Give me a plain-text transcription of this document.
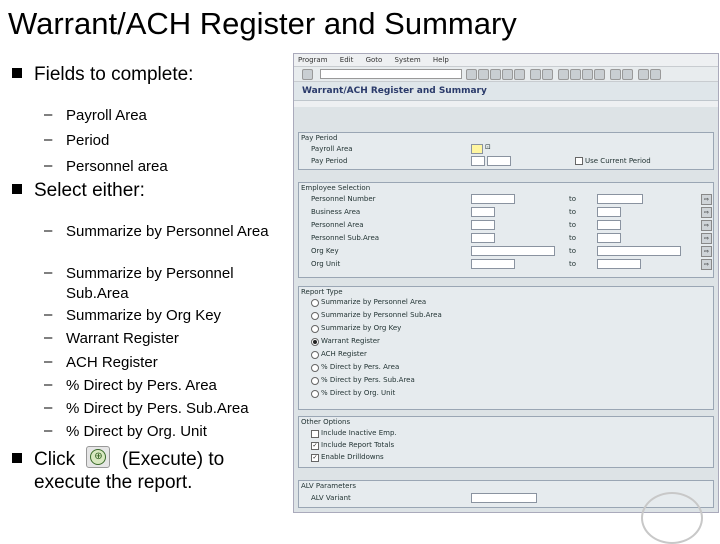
Warrant/ACH Register and Summary
Fields to complete:
– Payroll Area
– Period
– Personnel area
Select either:
– Summarize by Personnel Area
– Summarize by Personnel Sub.Area
– Summarize by Org Key
– Warrant Register
– ACH Register
– % Direct by Pers. Area
– % Direct by Pers. Sub.Area
– % Direct by Org. Unit
Click	⊕ (Execute) to
execute the report.
Program Edit Goto System Help
Warrant/ACH Register and Summary
Pay Period
Payroll Area	⊡
Pay Period	Use Current Period
Employee Selection
Personnel Number	to	⇨
Business Area	to	⇨
Personnel Area	to	⇨
Personnel Sub.Area	to	⇨
Org Key	to	⇨
Org Unit	to	⇨
Report Type
Summarize by Personnel Area
Summarize by Personnel Sub.Area
Summarize by Org Key
Warrant Register
ACH Register
% Direct by Pers. Area
% Direct by Pers. Sub.Area
% Direct by Org. Unit
Other Options
Include Inactive Emp.
✓ Include Report Totals
✓ Enable Drilldowns
ALV Parameters
ALV Variant
